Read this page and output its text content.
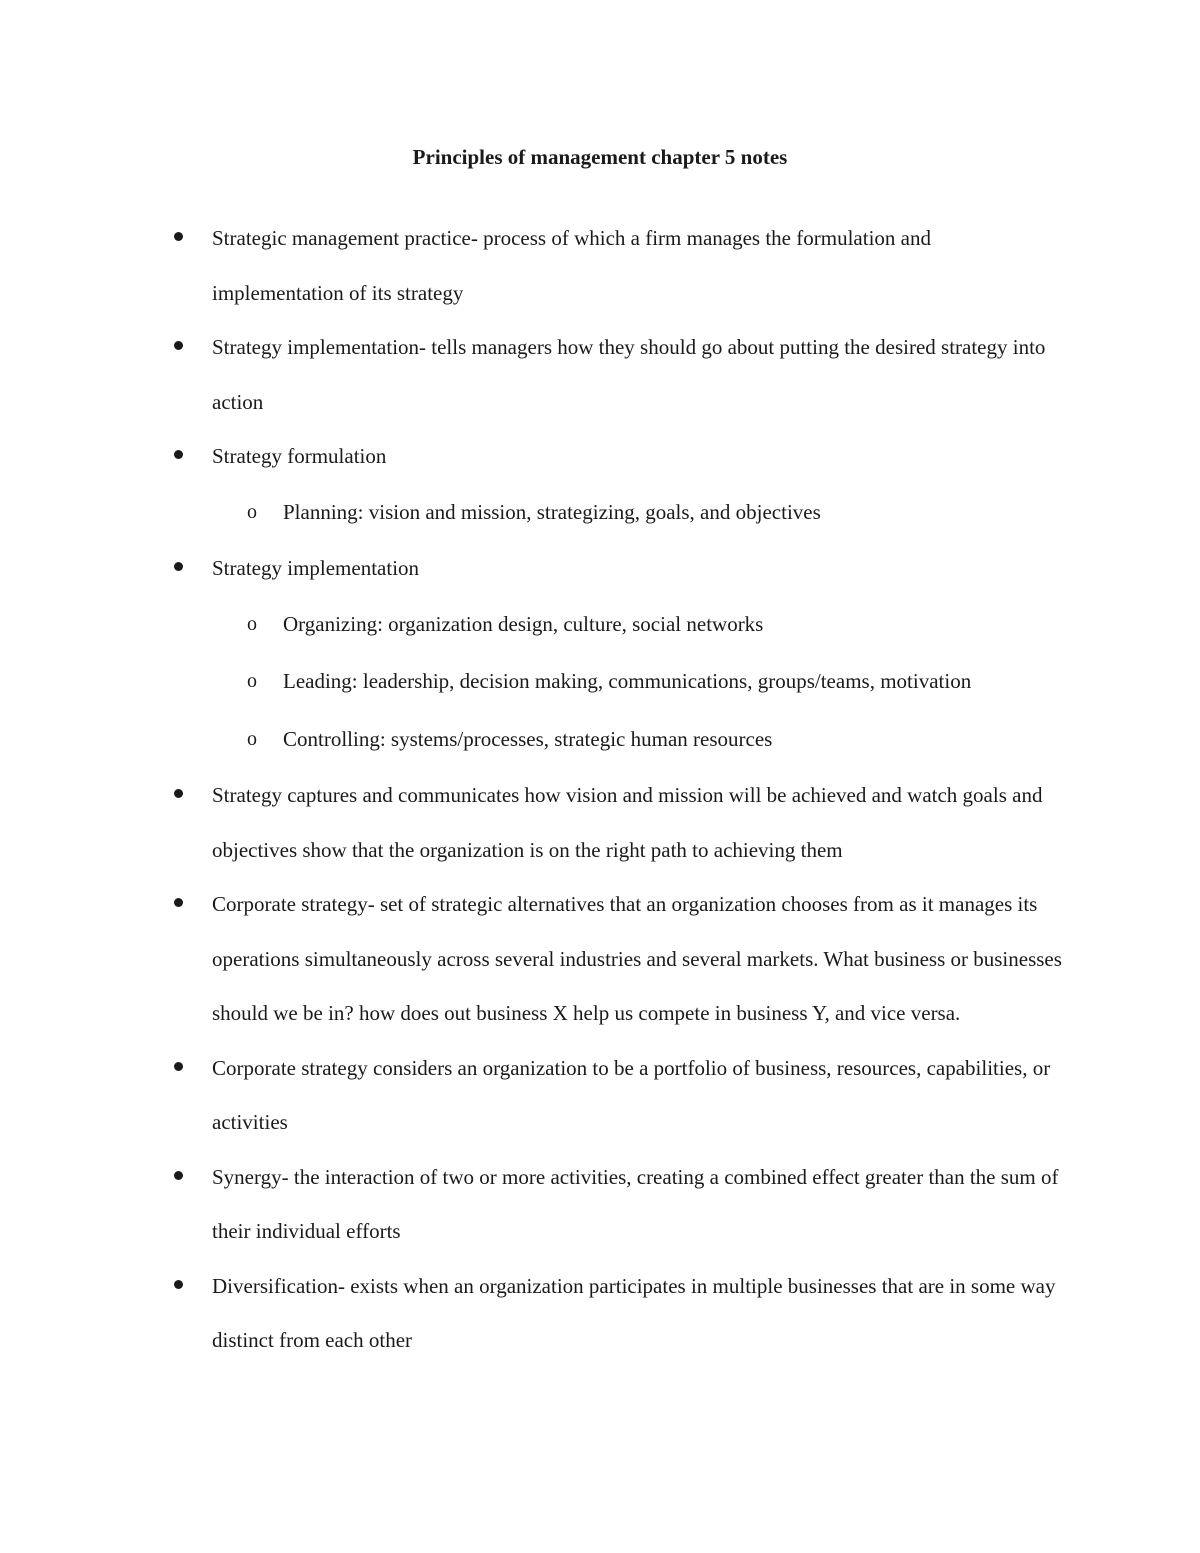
Principles of management chapter 5 notes
Strategic management practice- process of which a firm manages the formulation and implementation of its strategy
Strategy implementation- tells managers how they should go about putting the desired strategy into action
Strategy formulation
o Planning: vision and mission, strategizing, goals, and objectives
Strategy implementation
o Organizing: organization design, culture, social networks
o Leading: leadership, decision making, communications, groups/teams, motivation
o Controlling: systems/processes, strategic human resources
Strategy captures and communicates how vision and mission will be achieved and watch goals and objectives show that the organization is on the right path to achieving them
Corporate strategy- set of strategic alternatives that an organization chooses from as it manages its operations simultaneously across several industries and several markets. What business or businesses should we be in? how does out business X help us compete in business Y, and vice versa.
Corporate strategy considers an organization to be a portfolio of business, resources, capabilities, or activities
Synergy- the interaction of two or more activities, creating a combined effect greater than the sum of their individual efforts
Diversification- exists when an organization participates in multiple businesses that are in some way distinct from each other
